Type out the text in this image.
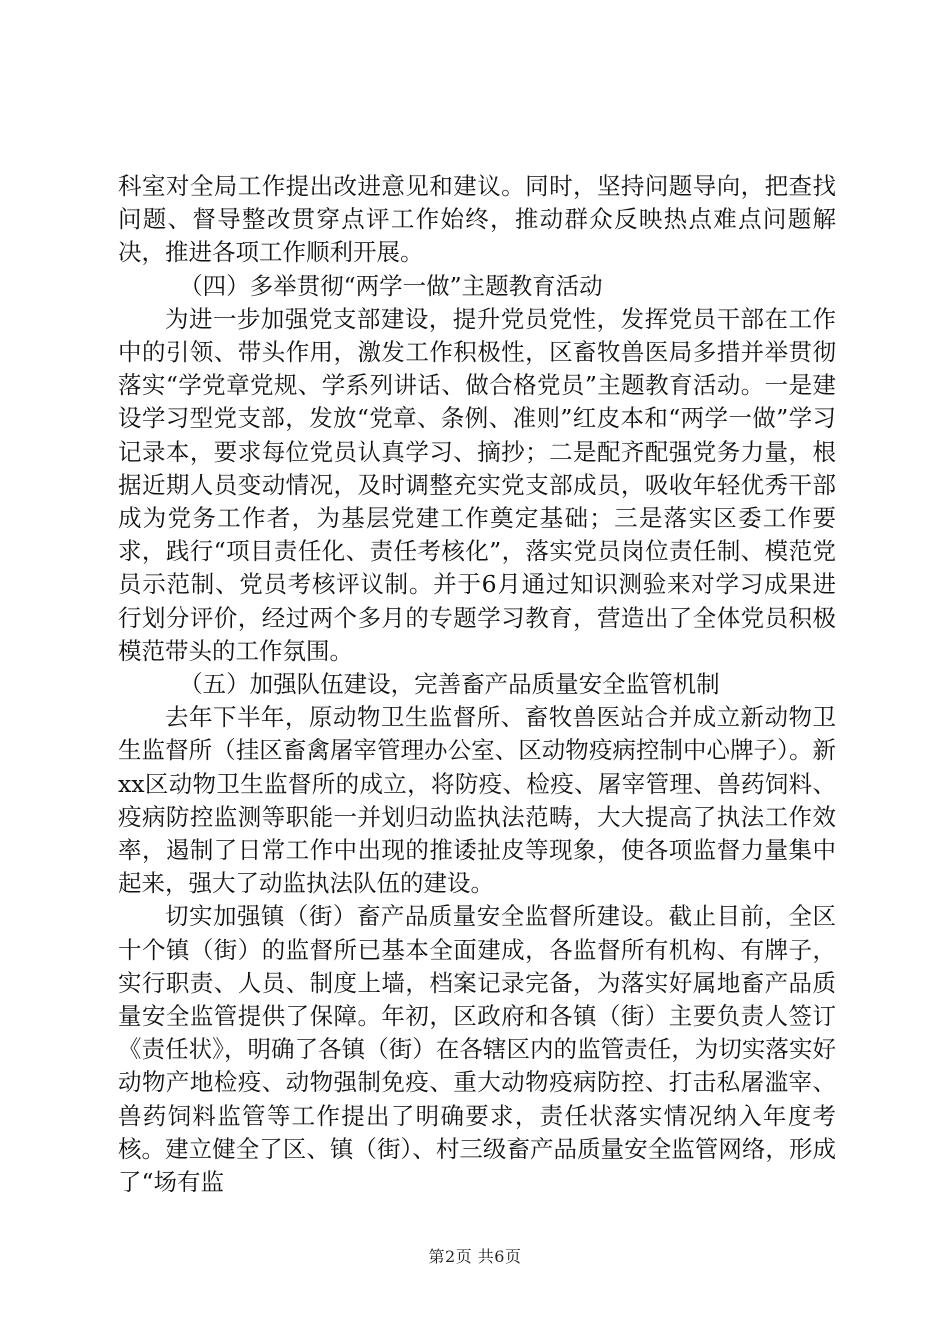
科室对全局工作提出改进意见和建议。同时，坚持问题导向，把查找问题、督导整改贯穿点评工作始终，推动群众反映热点难点问题解决，推进各项工作顺利开展。

（四）多举贯彻“两学一做”主题教育活动

为进一步加强党支部建设，提升党员党性，发挥党员干部在工作中的引领、带头作用，激发工作积极性，区畜牧兽医局多措并举贯彻落实“学党章党规、学系列讲话、做合格党员”主题教育活动。一是建设学习型党支部，发放“党章、条例、准则”红皮本和“两学一做”学习记录本，要求每位党员认真学习、摘抄；二是配齐配强党务力量，根据近期人员变动情况，及时调整充实党支部成员，吸收年轻优秀干部成为党务工作者，为基层党建工作奠定基础；三是落实区委工作要求，践行“项目责任化、责任考核化”，落实党员岗位责任制、模范党员示范制、党员考核评议制。并于6月通过知识测验来对学习成果进行划分评价，经过两个多月的专题学习教育，营造出了全体党员积极模范带头的工作氛围。

（五）加强队伍建设，完善畜产品质量安全监管机制

去年下半年，原动物卫生监督所、畜牧兽医站合并成立新动物卫生监督所（挂区畜禽屠宰管理办公室、区动物疫病控制中心牌子）。新xx区动物卫生监督所的成立，将防疫、检疫、屠宰管理、兽药饲料、疫病防控监测等职能一并划归动监执法范畴，大大提高了执法工作效率，遏制了日常工作中出现的推诿扯皮等现象，使各项监督力量集中起来，强大了动监执法队伍的建设。

切实加强镇（街）畜产品质量安全监督所建设。截止目前，全区十个镇（街）的监督所已基本全面建成，各监督所有机构、有牌子，实行职责、人员、制度上墙，档案记录完备，为落实好属地畜产品质量安全监管提供了保障。年初，区政府和各镇（街）主要负责人签订《责任状》，明确了各镇（街）在各辖区内的监管责任，为切实落实好动物产地检疫、动物强制免疫、重大动物疫病防控、打击私屠滥宰、兽药饲料监管等工作提出了明确要求，责任状落实情况纳入年度考核。建立健全了区、镇（街）、村三级畜产品质量安全监管网络，形成了“场有监

第2页 共6页
